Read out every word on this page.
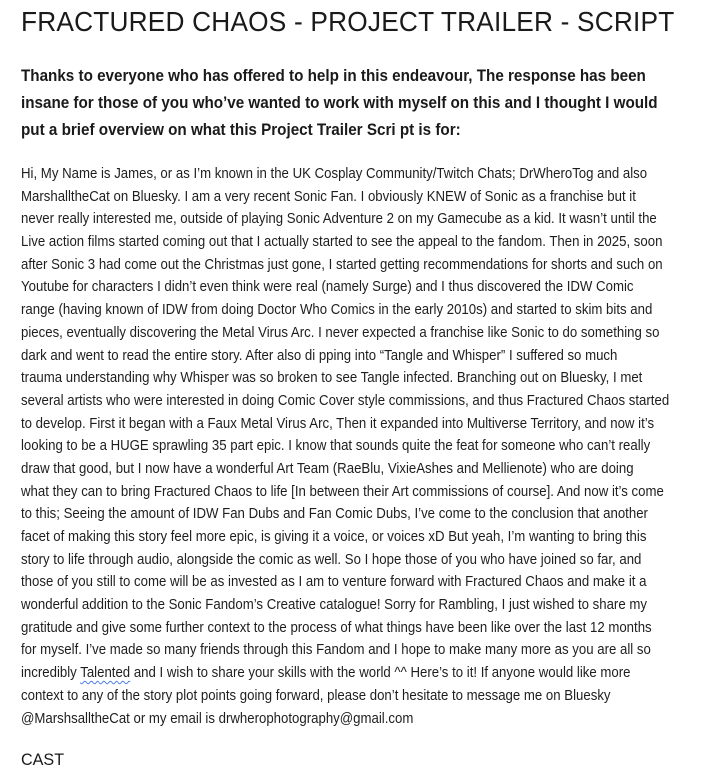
FRACTURED CHAOS - PROJECT TRAILER - SCRIPT
Thanks to everyone who has offered to help in this endeavour, The response has been
insane for those of you who’ve wanted to work with myself on this and I thought I would
put a brief overview on what this Project Trailer Scri pt is for:
Hi, My Name is James, or as I’m known in the UK Cosplay Community/Twitch Chats; DrWheroTog and also
MarshalltheCat on Bluesky. I am a very recent Sonic Fan. I obviously KNEW of Sonic as a franchise but it
never really interested me, outside of playing Sonic Adventure 2 on my Gamecube as a kid. It wasn’t until the
Live action films started coming out that I actually started to see the appeal to the fandom. Then in 2025, soon
after Sonic 3 had come out the Christmas just gone, I started getting recommendations for shorts and such on
Youtube for characters I didn’t even think were real (namely Surge) and I thus discovered the IDW Comic
range (having known of IDW from doing Doctor Who Comics in the early 2010s) and started to skim bits and
pieces, eventually discovering the Metal Virus Arc. I never expected a franchise like Sonic to do something so
dark and went to read the entire story. After also di pping into “Tangle and Whisper” I suffered so much
trauma understanding why Whisper was so broken to see Tangle infected. Branching out on Bluesky, I met
several artists who were interested in doing Comic Cover style commissions, and thus Fractured Chaos started
to develop. First it began with a Faux Metal Virus Arc, Then it expanded into Multiverse Territory, and now it’s
looking to be a HUGE sprawling 35 part epic. I know that sounds quite the feat for someone who can’t really
draw that good, but I now have a wonderful Art Team (RaeBlu, VixieAshes and Mellienote) who are doing
what they can to bring Fractured Chaos to life [In between their Art commissions of course]. And now it’s come
to this; Seeing the amount of IDW Fan Dubs and Fan Comic Dubs, I’ve come to the conclusion that another
facet of making this story feel more epic, is giving it a voice, or voices xD But yeah, I’m wanting to bring this
story to life through audio, alongside the comic as well. So I hope those of you who have joined so far, and
those of you still to come will be as invested as I am to venture forward with Fractured Chaos and make it a
wonderful addition to the Sonic Fandom’s Creative catalogue! Sorry for Rambling, I just wished to share my
gratitude and give some further context to the process of what things have been like over the last 12 months
for myself. I’ve made so many friends through this Fandom and I hope to make many more as you are all so
incredibly Talented and I wish to share your skills with the world ^^ Here’s to it! If anyone would like more
context to any of the story plot points going forward, please don’t hesitate to message me on Bluesky
@MarshsalltheCat or my email is drwherophotography@gmail.com
CAST
